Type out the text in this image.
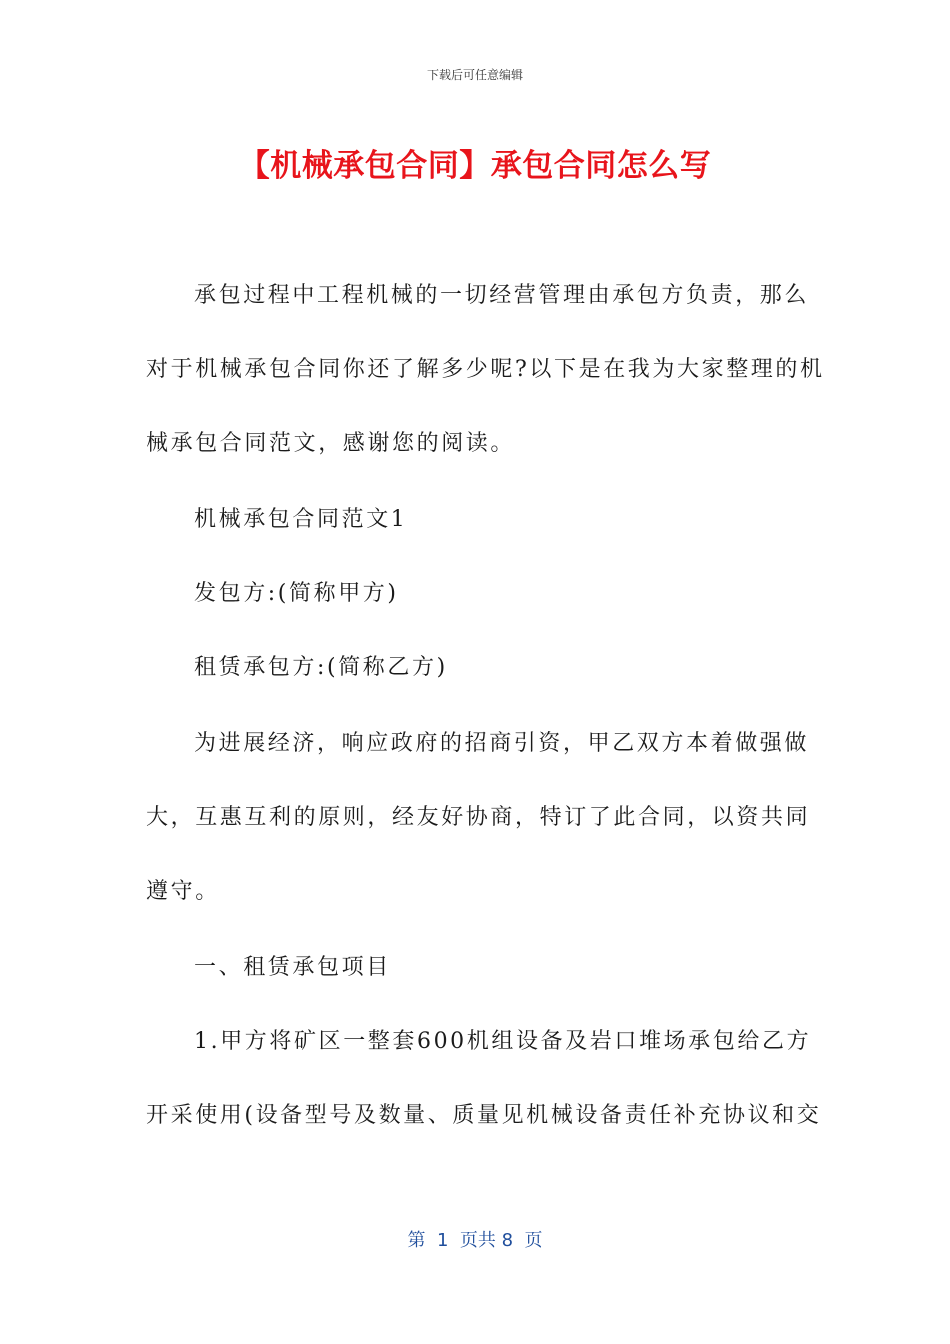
下载后可任意编辑
【机械承包合同】承包合同怎么写
承包过程中工程机械的一切经营管理由承包方负责，那么
对于机械承包合同你还了解多少呢?以下是在我为大家整理的机
械承包合同范文，感谢您的阅读。
机械承包合同范文1
发包方:(简称甲方)
租赁承包方:(简称乙方)
为进展经济，响应政府的招商引资，甲乙双方本着做强做
大，互惠互利的原则，经友好协商，特订了此合同，以资共同
遵守。
一、租赁承包项目
1.甲方将矿区一整套600机组设备及岩口堆场承包给乙方
开采使用(设备型号及数量、质量见机械设备责任补充协议和交
第  1  页共 8  页
